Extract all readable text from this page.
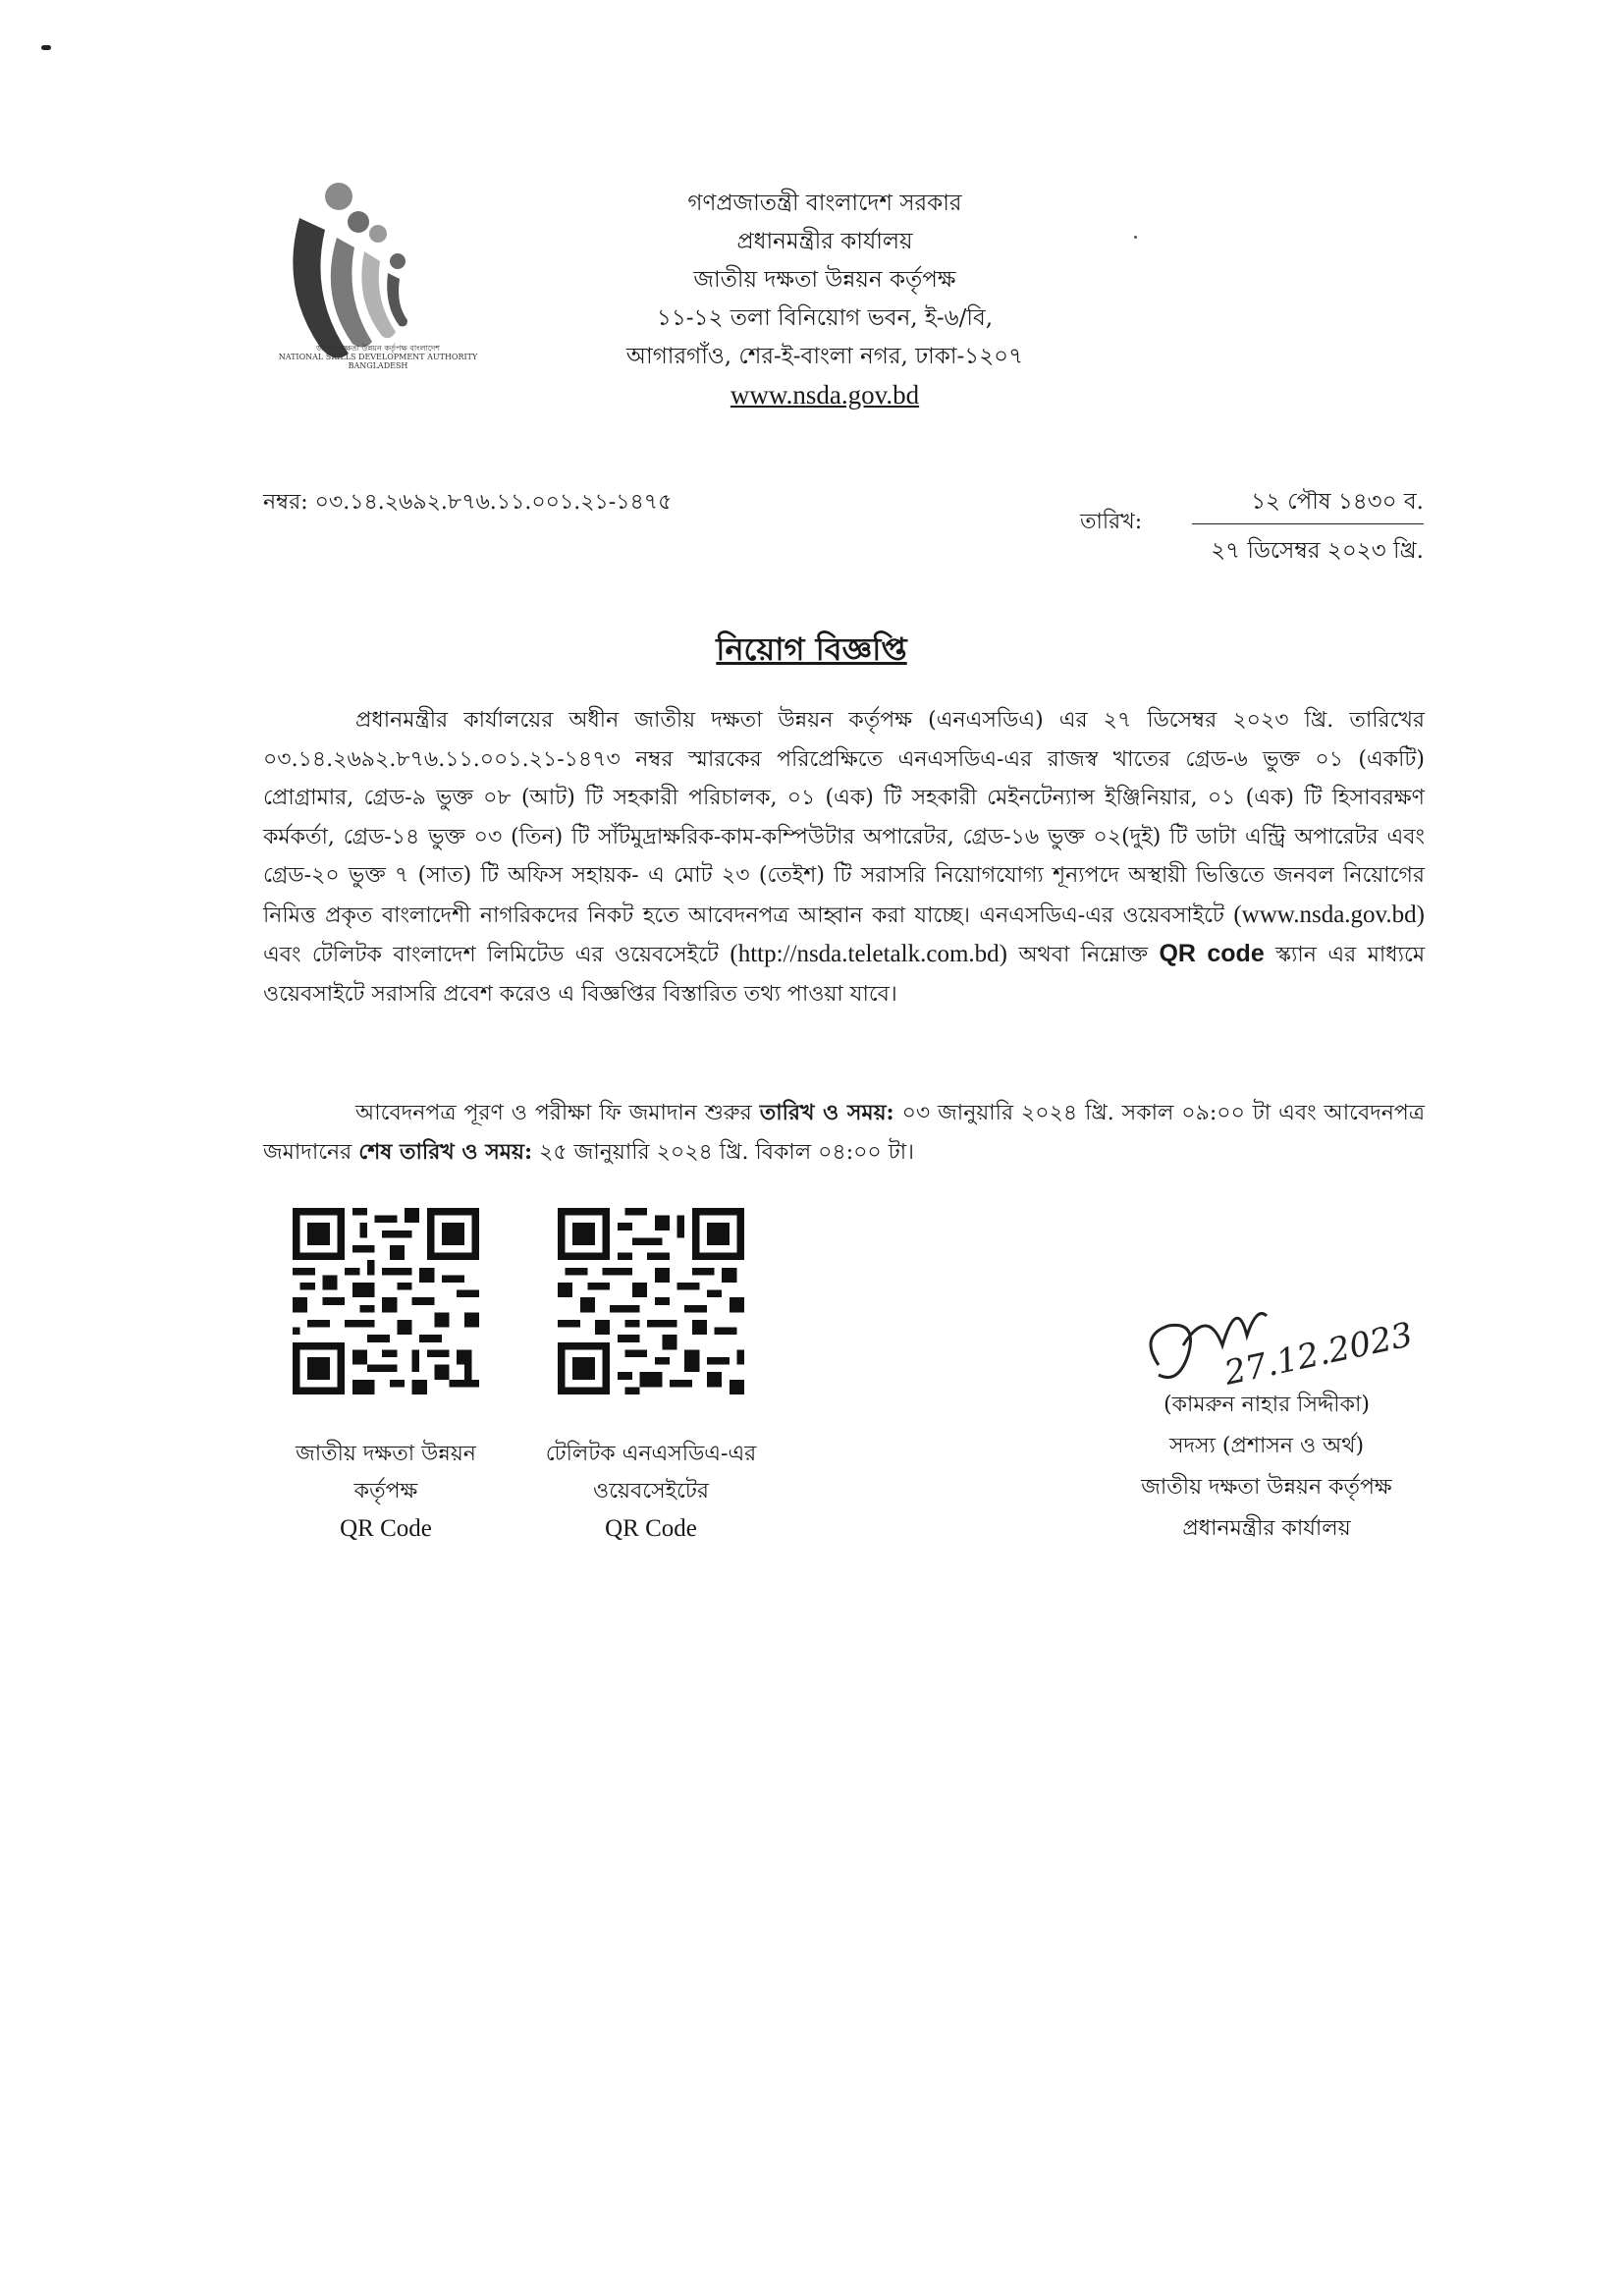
জাতীয় দক্ষতা উন্নয়ন কর্তৃপক্ষ বাংলাদেশ
NATIONAL SKILLS DEVELOPMENT AUTHORITY BANGLADESH
গণপ্রজাতন্ত্রী বাংলাদেশ সরকার
প্রধানমন্ত্রীর কার্যালয়
জাতীয় দক্ষতা উন্নয়ন কর্তৃপক্ষ
১১-১২ তলা বিনিয়োগ ভবন, ই-৬/বি,
আগারগাঁও, শের-ই-বাংলা নগর, ঢাকা-১২০৭
www.nsda.gov.bd
নম্বর: ০৩.১৪.২৬৯২.৮৭৬.১১.০০১.২১-১৪৭৫
তারিখ:
১২ পৌষ ১৪৩০ ব.
২৭ ডিসেম্বর ২০২৩ খ্রি.
নিয়োগ বিজ্ঞপ্তি

প্রধানমন্ত্রীর কার্যালয়ের অধীন জাতীয় দক্ষতা উন্নয়ন কর্তৃপক্ষ (এনএসডিএ) এর ২৭ ডিসেম্বর ২০২৩ খ্রি. তারিখের ০৩.১৪.২৬৯২.৮৭৬.১১.০০১.২১-১৪৭৩ নম্বর স্মারকের পরিপ্রেক্ষিতে এনএসডিএ-এর রাজস্ব খাতের গ্রেড-৬ ভুক্ত ০১ (একটি) প্রোগ্রামার, গ্রেড-৯ ভুক্ত ০৮ (আট) টি সহকারী পরিচালক, ০১ (এক) টি সহকারী মেইনটেন্যান্স ইঞ্জিনিয়ার, ০১ (এক) টি হিসাবরক্ষণ কর্মকর্তা, গ্রেড-১৪ ভুক্ত ০৩ (তিন) টি সাঁটমুদ্রাক্ষরিক-কাম-কম্পিউটার অপারেটর, গ্রেড-১৬ ভুক্ত ০২(দুই) টি ডাটা এন্ট্রি অপারেটর এবং গ্রেড-২০ ভুক্ত ৭ (সাত) টি অফিস সহায়ক- এ মোট ২৩ (তেইশ) টি সরাসরি নিয়োগযোগ্য শূন্যপদে অস্থায়ী ভিত্তিতে জনবল নিয়োগের নিমিত্ত প্রকৃত বাংলাদেশী নাগরিকদের নিকট হতে আবেদনপত্র আহ্বান করা যাচ্ছে। এনএসডিএ-এর ওয়েবসাইটে (www.nsda.gov.bd) এবং টেলিটক বাংলাদেশ লিমিটেড এর ওয়েবসেইটে (http://nsda.teletalk.com.bd) অথবা নিম্নোক্ত QR code স্ক্যান এর মাধ্যমে ওয়েবসাইটে সরাসরি প্রবেশ করেও এ বিজ্ঞপ্তির বিস্তারিত তথ্য পাওয়া যাবে।

আবেদনপত্র পূরণ ও পরীক্ষা ফি জমাদান শুরুর তারিখ ও সময়: ০৩ জানুয়ারি ২০২৪ খ্রি. সকাল ০৯:০০ টা এবং আবেদনপত্র জমাদানের শেষ তারিখ ও সময়: ২৫ জানুয়ারি ২০২৪ খ্রি. বিকাল ০৪:০০ টা।

জাতীয় দক্ষতা উন্নয়ন
কর্তৃপক্ষ
QR Code
টেলিটক এনএসডিএ-এর
ওয়েবসেইটের
QR Code
27.12.2023
(কামরুন নাহার সিদ্দীকা)
সদস্য (প্রশাসন ও অর্থ)
জাতীয় দক্ষতা উন্নয়ন কর্তৃপক্ষ
প্রধানমন্ত্রীর কার্যালয়
